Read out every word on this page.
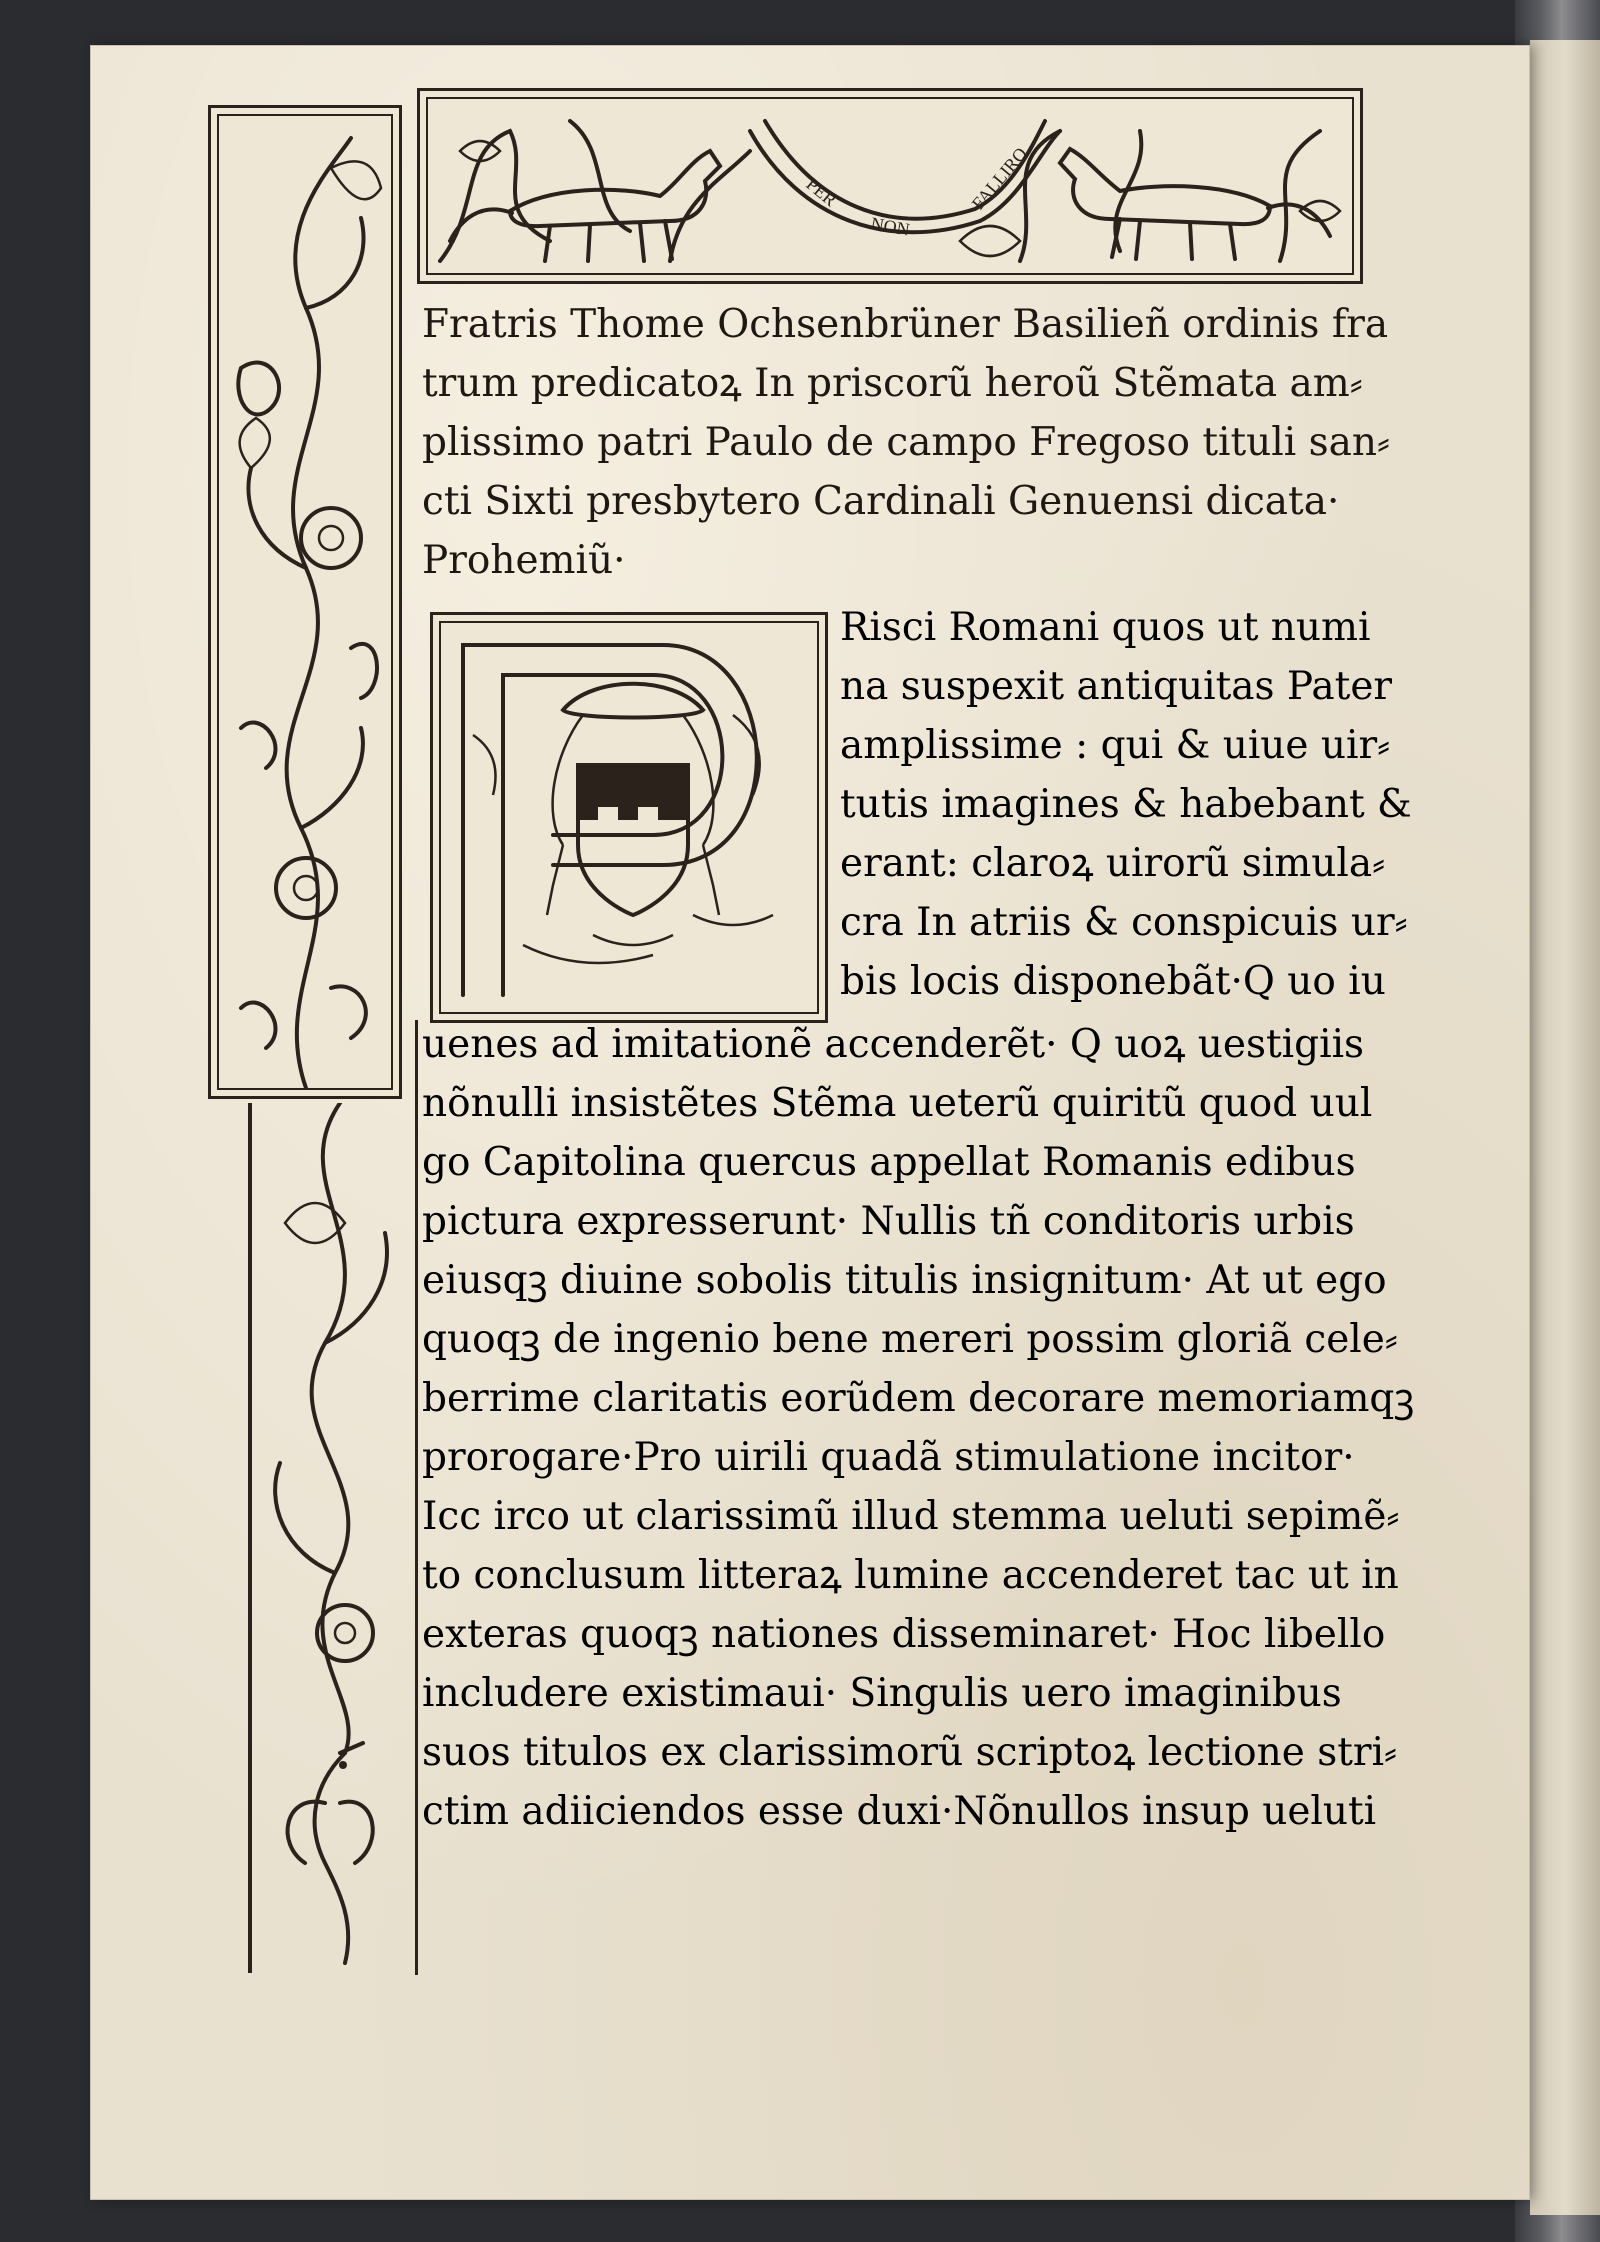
PER
NON
FALLIRO
Fratris Thome Ochsenbrüner Basilieñ ordinis fra
trum predicatoꝝ In priscorũ heroũ Stẽmata am⸗
plissimo patri Paulo de campo Fregoso tituli san⸗
cti Sixti presbytero Cardinali Genuensi dicata·
Prohemiũ·
Risci Romani quos ut numi
na suspexit antiquitas Pater
amplissime : qui & uiue uir⸗
tutis imagines & habebant &
erant: claroꝝ uirorũ simula⸗
cra In atriis & conspicuis ur⸗
bis locis disponebãt·Q uo iu
uenes ad imitationẽ accenderẽt· Q uoꝝ uestigiis
nõnulli insistẽtes Stẽma ueterũ quiritũ quod uul
go Capitolina quercus appellat Romanis edibus
pictura expresserunt· Nullis tñ conditoris urbis
eiusqꝫ diuine sobolis titulis insignitum· At ut ego
quoqꝫ de ingenio bene mereri possim gloriã cele⸗
berrime claritatis eorũdem decorare memoriamqꝫ
prorogare·Pro uirili quadã stimulatione incitor·
Icc irco ut clarissimũ illud stemma ueluti sepimẽ⸗
to conclusum litteraꝝ lumine accenderet tac ut in
exteras quoqꝫ nationes disseminaret· Hoc libello
includere existimaui· Singulis uero imaginibus
suos titulos ex clarissimorũ scriptoꝝ lectione stri⸗
ctim adiiciendos esse duxi·Nõnullos insup ueluti
